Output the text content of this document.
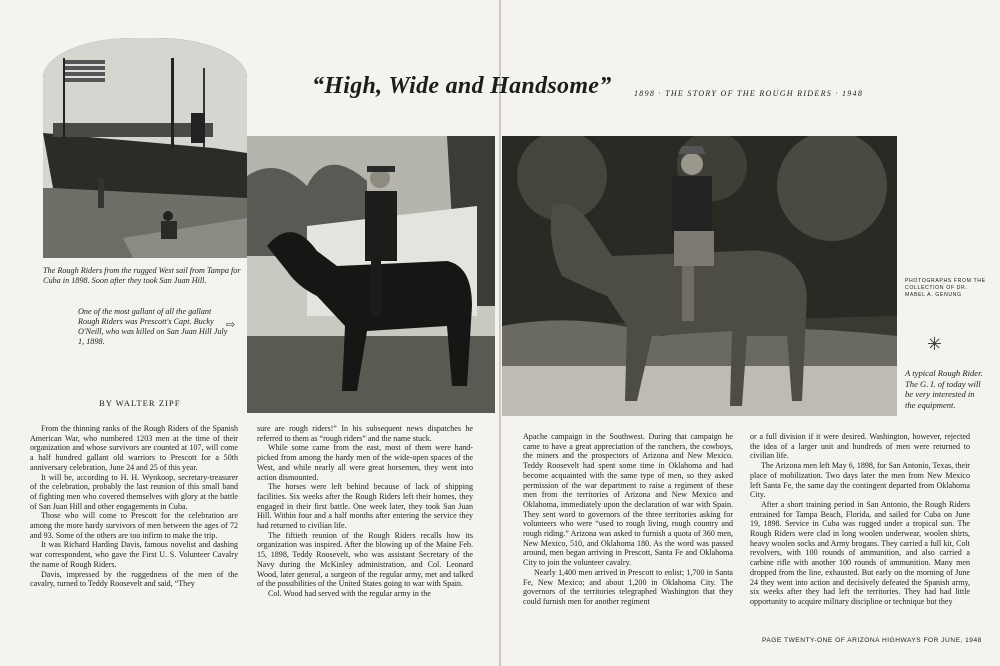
The Rough Riders from the rugged West sail from Tampa for Cuba in 1898. Soon after they took San Juan Hill.
One of the most gallant of all the gallant Rough Riders was Prescott's Capt. Bucky O'Neill, who was killed on San Juan Hill July 1, 1898.
⇨
PHOTOGRAPHS FROM THE COLLECTION OF DR. MABEL A. GENUNG
✳
A typical Rough Rider. The G. I. of today will be very interested in the equipment.
“High, Wide and Handsome”	1898 · THE STORY OF THE ROUGH RIDERS · 1948
BY WALTER ZIPF

From the thinning ranks of the Rough Riders of the Spanish American War, who numbered 1203 men at the time of their organization and whose survivors are counted at 107, will come a half hundred gallant old warriors to Prescott for a 50th anniversary celebration, June 24 and 25 of this year.

It will be, according to H. H. Wynkoop, secretary-treasurer of the celebration, probably the last reunion of this small band of fighting men who covered themselves with glory at the battle of San Juan Hill and other engagements in Cuba.

Those who will come to Prescott for the celebration are among the more hardy survivors of men between the ages of 72 and 93. Some of the others are too infirm to make the trip.

It was Richard Harding Davis, famous novelist and dashing war correspondent, who gave the First U. S. Volunteer Cavalry the name of Rough Riders.

Davis, impressed by the ruggedness of the men of the cavalry, turned to Teddy Roosevelt and said, “They

sure are rough riders!” In his subsequent news dispatches he referred to them as “rough riders” and the name stuck.

While some came from the east, most of them were hand-picked from among the hardy men of the wide-open spaces of the West, and while nearly all were great horsemen, they went into action dismounted.

The horses were left behind because of lack of shipping facilities. Six weeks after the Rough Riders left their homes, they engaged in their first battle. One week later, they took San Juan Hill. Within four and a half months after entering the service they had returned to civilian life.

The fiftieth reunion of the Rough Riders recalls how its organization was inspired. After the blowing up of the Maine Feb. 15, 1898, Teddy Roosevelt, who was assistant Secretary of the Navy during the McKinley administration, and Col. Leonard Wood, later general, a surgeon of the regular army, met and talked of the possibilities of the United States going to war with Spain.

Col. Wood had served with the regular army in the

Apache campaign in the Southwest. During that campaign he came to have a great appreciation of the ranchers, the cowboys, the miners and the prospectors of Arizona and New Mexico. Teddy Roosevelt had spent some time in Oklahoma and had become acquainted with the same type of men, so they asked permission of the war department to raise a regiment of these men from the territories of Arizona and New Mexico and Oklahoma, immediately upon the declaration of war with Spain. They sent word to governors of the three territories asking for volunteers who were “used to rough living, rough country and rough riding.” Arizona was asked to furnish a quota of 360 men, New Mexico, 510, and Oklahoma 180. As the word was passed around, men began arriving in Prescott, Santa Fe and Oklahoma City to join the volunteer cavalry.

Nearly 1,400 men arrived in Prescott to enlist; 1,700 in Santa Fe, New Mexico; and about 1,200 in Oklahoma City. The governors of the territories telegraphed Washington that they could furnish men for another regiment

or a full division if it were desired. Washington, however, rejected the idea of a larger unit and hundreds of men were returned to civilian life.

The Arizona men left May 6, 1898, for San Antonio, Texas, their place of mobilization. Two days later the men from New Mexico left Santa Fe, the same day the contingent departed from Oklahoma City.

After a short training period in San Antonio, the Rough Riders entrained for Tampa Beach, Florida, and sailed for Cuba on June 19, 1898. Service in Cuba was rugged under a tropical sun. The Rough Riders were clad in long woolen underwear, woolen shirts, heavy woolen socks and Army brogans. They carried a full kit, Colt revolvers, with 100 rounds of ammunition, and also carried a carbine rifle with another 100 rounds of ammunition. Many men dropped from the line, exhausted. But early on the morning of June 24 they went into action and decisively defeated the Spanish army, six weeks after they had left the territories. They had had little opportunity to acquire military discipline or technique but they

PAGE TWENTY-ONE OF ARIZONA HIGHWAYS FOR JUNE, 1948
